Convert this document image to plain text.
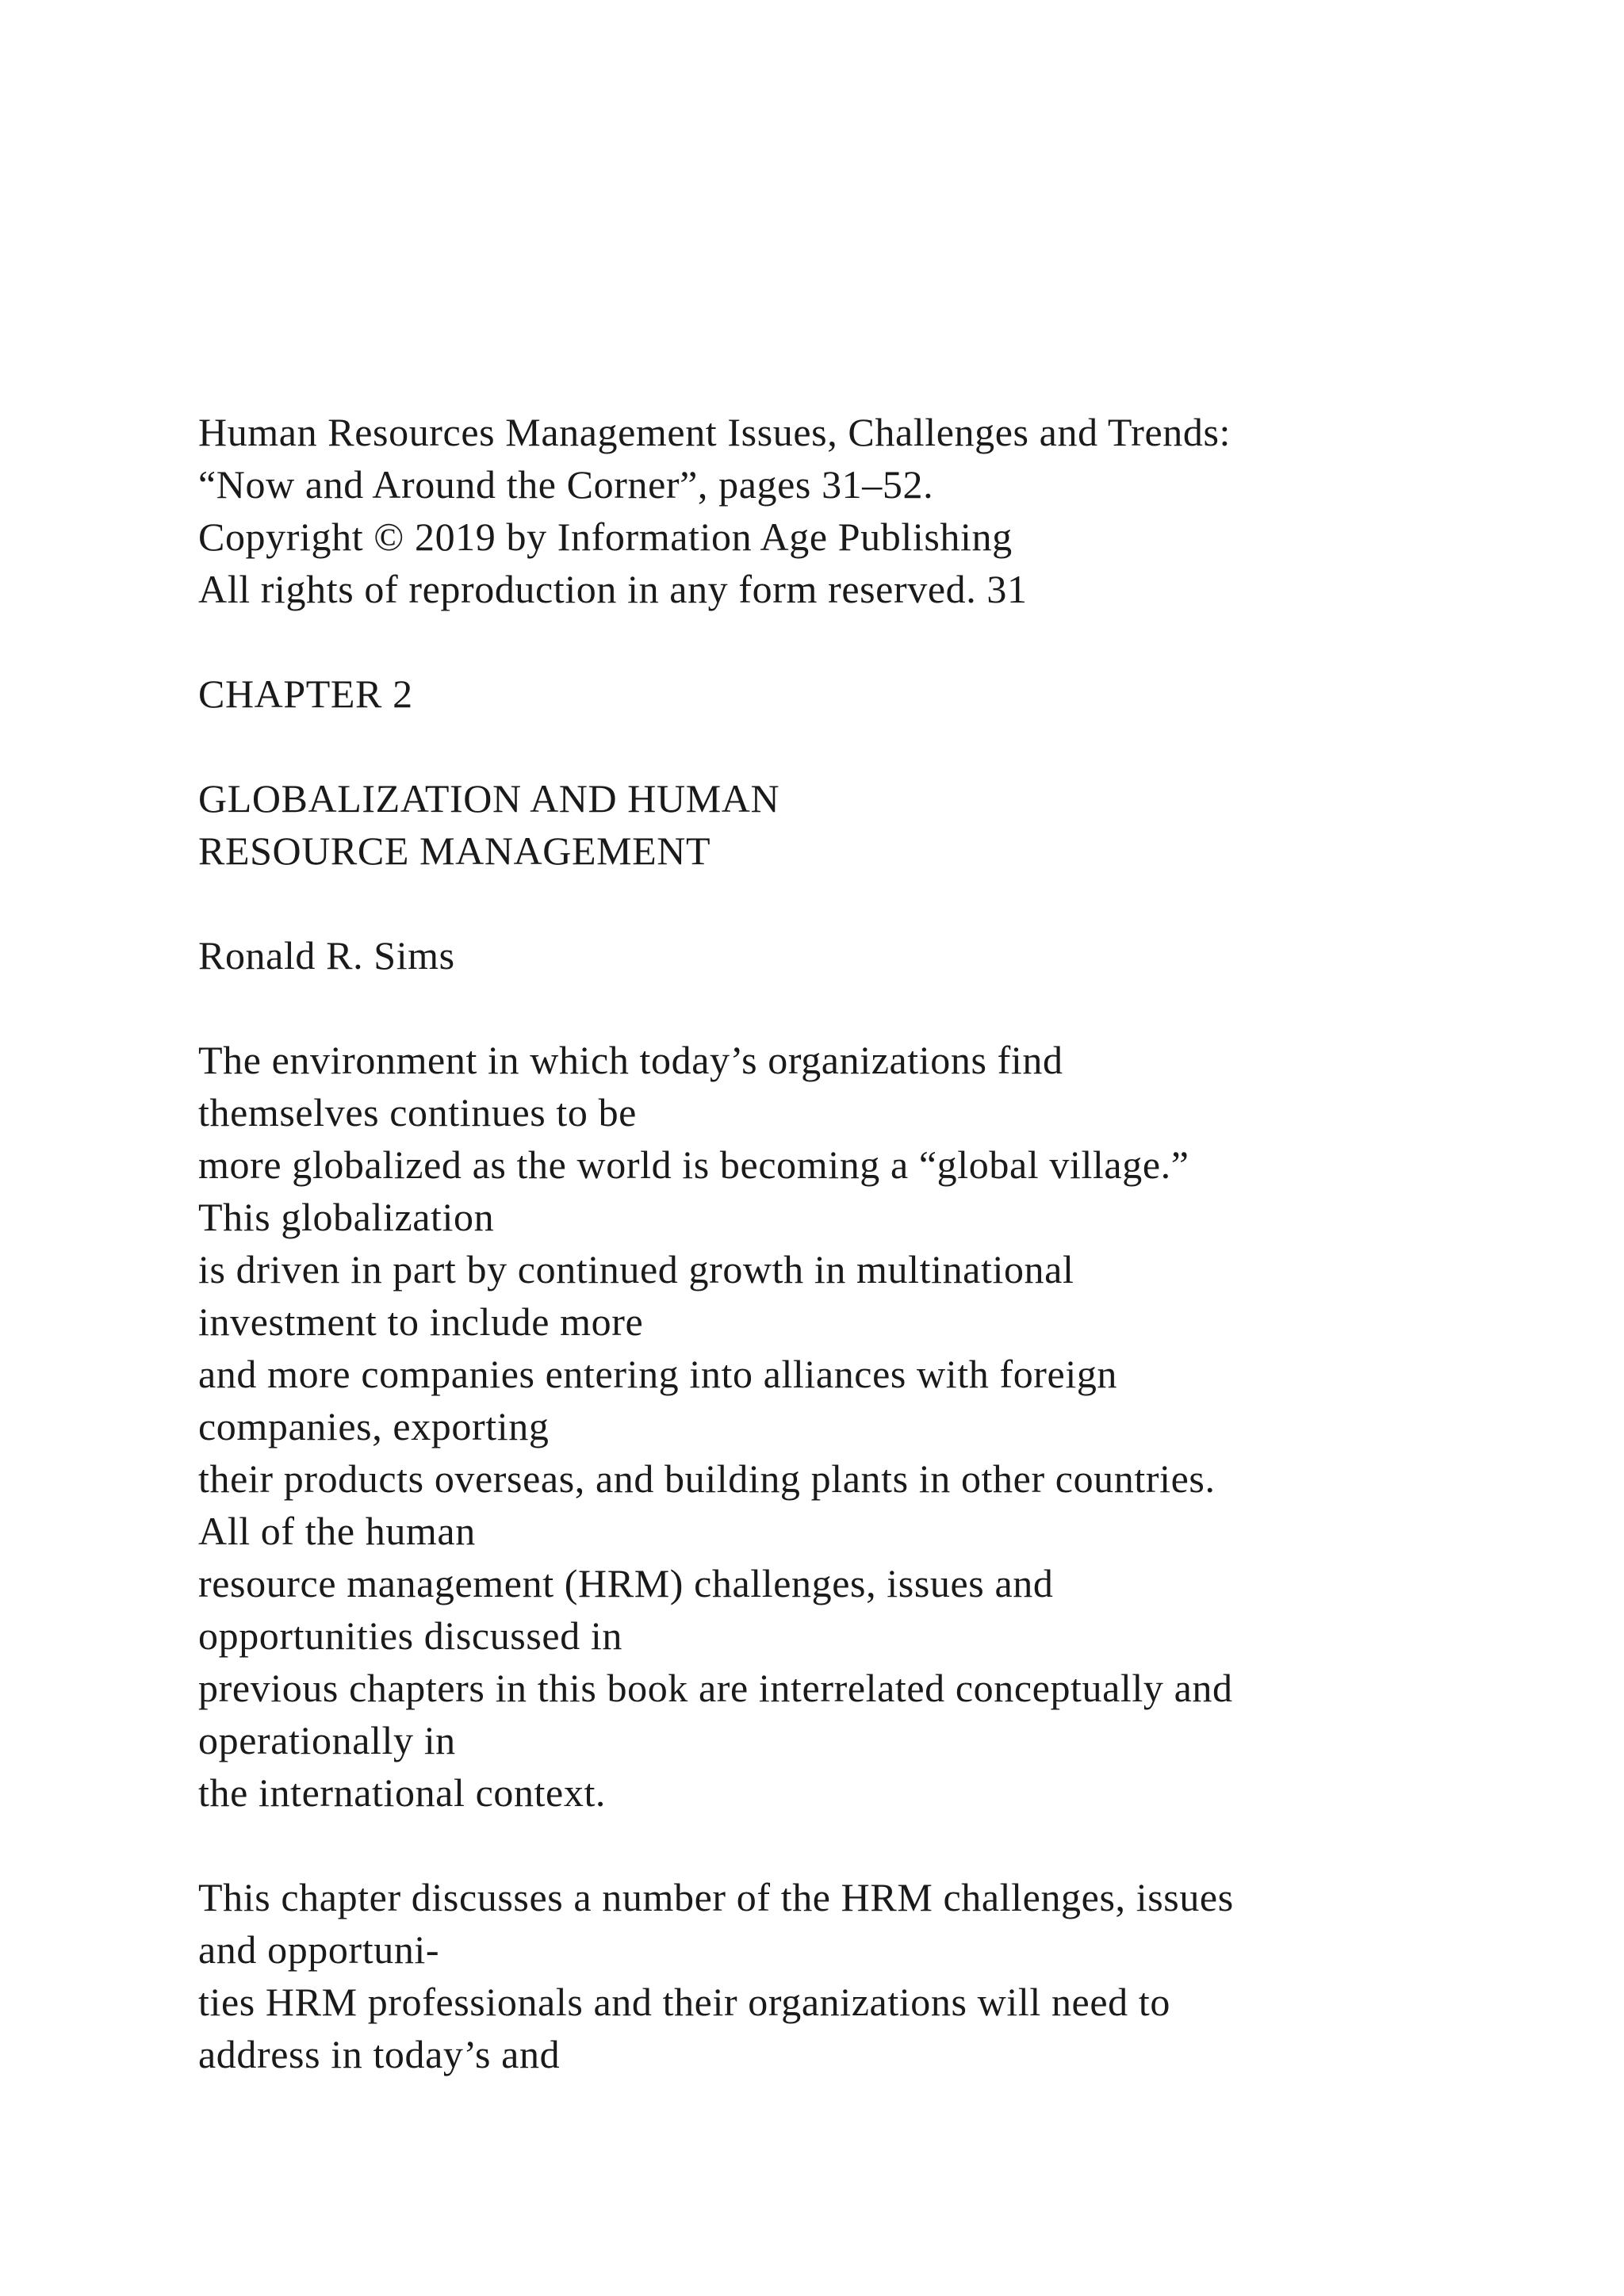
Human Resources Management Issues, Challenges and Trends:
“Now and Around the Corner”, pages 31–52.
Copyright © 2019 by Information Age Publishing
All rights of reproduction in any form reserved. 31
CHAPTER 2
GLOBALIZATION AND HUMAN
RESOURCE MANAGEMENT
Ronald R. Sims
The environment in which today’s organizations find
themselves continues to be
more globalized as the world is becoming a “global village.”
This globalization
is driven in part by continued growth in multinational
investment to include more
and more companies entering into alliances with foreign
companies, exporting
their products overseas, and building plants in other countries.
All of the human
resource management (HRM) challenges, issues and
opportunities discussed in
previous chapters in this book are interrelated conceptually and
operationally in
the international context.
This chapter discusses a number of the HRM challenges, issues
and opportuni-
ties HRM professionals and their organizations will need to
address in today’s and
